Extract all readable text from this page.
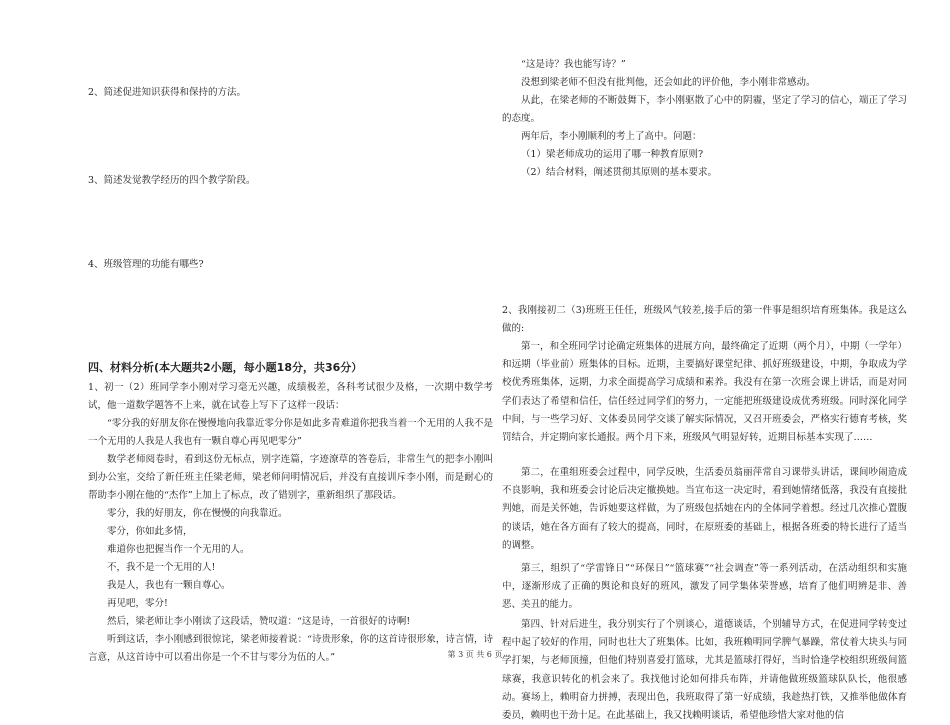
2、简述促进知识获得和保持的方法。

3、简述发觉教学经历的四个教学阶段。

4、班级管理的功能有哪些?

四、材料分析(本大题共2小题，每小题18分，共36分）

1、初一（2）班同学李小刚对学习毫无兴趣，成绩极差，各科考试很少及格，一次期中数学考试，他一道数学题答不上来，就在试卷上写下了这样一段话：

“零分我的好朋友你在慢慢地向我靠近零分你是如此多青难道你把我当着一个无用的人我不是一个无用的人我是人我也有一颗自尊心再见吧零分”

数学老师阅卷时，看到这份无标点，别字连篇，字迹潦草的答卷后，非常生气的把李小刚叫到办公室，交给了新任班主任梁老师，梁老师问明情况后，并没有直接训斥李小刚，而是耐心的帮助李小刚在他的“杰作”上加上了标点，改了错别字，重新组织了那段话。

零分，我的好朋友，你在慢慢的向我靠近。

零分，你如此多情，

难道你也把握当作一个无用的人。

不，我不是一个无用的人!

我是人，我也有一颗自尊心。

再见吧，零分!

然后，梁老师让李小刚读了这段话，赞叹道：“这是诗，一首很好的诗啊!

听到这话，李小刚感到很惊诧，梁老师接着说：“诗贵形象，你的这首诗很形象，诗言情，诗言意，从这首诗中可以看出你是一个不甘与零分为伍的人。”

“这是诗？我也能写诗？”

没想到梁老师不但没有批判他，还会如此的评价他，李小刚非常感动。

从此，在梁老师的不断鼓舞下，李小刚驱散了心中的阴霾，坚定了学习的信心，端正了学习的态度。

两年后，李小刚顺利的考上了高中。问题：

（1）梁老师成功的运用了哪一种教育原则?

（2）结合材料，阐述贯彻其原则的基本要求。

2、我刚接初二（3)班班王任任，班级风气较差,接手后的第一件事是组织培育班集体。我是这么做的:

第一，和全班同学讨论确定班集体的进展方向，最终确定了近期（两个月），中期（一学年）和远期（毕业前）班集体的目标。近期，主要搞好课堂纪律、抓好班级建设，中期，争取成为学校优秀班集体，远期，力求全面提高学习成绩和素养。我没有在第一次班会课上讲话，而是对同学们表达了希望和信任，信任经过同学们的努力，一定能把班级建设成优秀班级。同时深化同学中间，与一些学习好、文体委员同学交谈了解实际情况，又召开班委会，严格实行德育考核，奖罚结合，并定期向家长通报。两个月下来，班级风气明显好转，近期目标基本实现了……

第二，在重组班委会过程中，同学反映，生活委员翁丽萍常自习课带头讲话，课间吵闹造成不良影响，我和班委会讨论后决定撤换她。当宣布这一决定时，看到她情绪低落，我没有直接批判她，而是关怀她，告诉她要这样做，为了班级包括她在内的全体同学着想。经过几次推心置腹的谈话，她在各方面有了较大的提高，同时，在原班委的基础上，根据各班委的特长进行了适当的调整。

第三，组织了“学雷锋日”“环保日”“篮球赛”“社会调查”等一系列活动，在活动组织和实施中，逐渐形成了正确的舆论和良好的班风，激发了同学集体荣誉感，培育了他们明辨是非、善恶、美丑的能力。

第四、针对后进生，我分别实行了个别谈心，道德谈话，个别辅导方式，在促进同学转变过程中起了较好的作用，同时也壮大了班集体。比如，我班赖明同学脾气暴躁，常仗着大块头与同学打架，与老师顶撞，但他们特别喜爱打篮球，尤其是篮球打得好，当时恰逢学校组织班级间篮球赛，我意识转化的机会来了。我找他讨论如何排兵布阵，并请他做班级篮球队队长，他很感动。赛场上，赖明奋力拼搏，表现出色，我班取得了第一好成绩，我趁热打铁，又推举他做体育委员，赖明也干劲十足。在此基础上，我又找赖明谈话，希望他珍惜大家对他的信

第 3 页 共 6 页
